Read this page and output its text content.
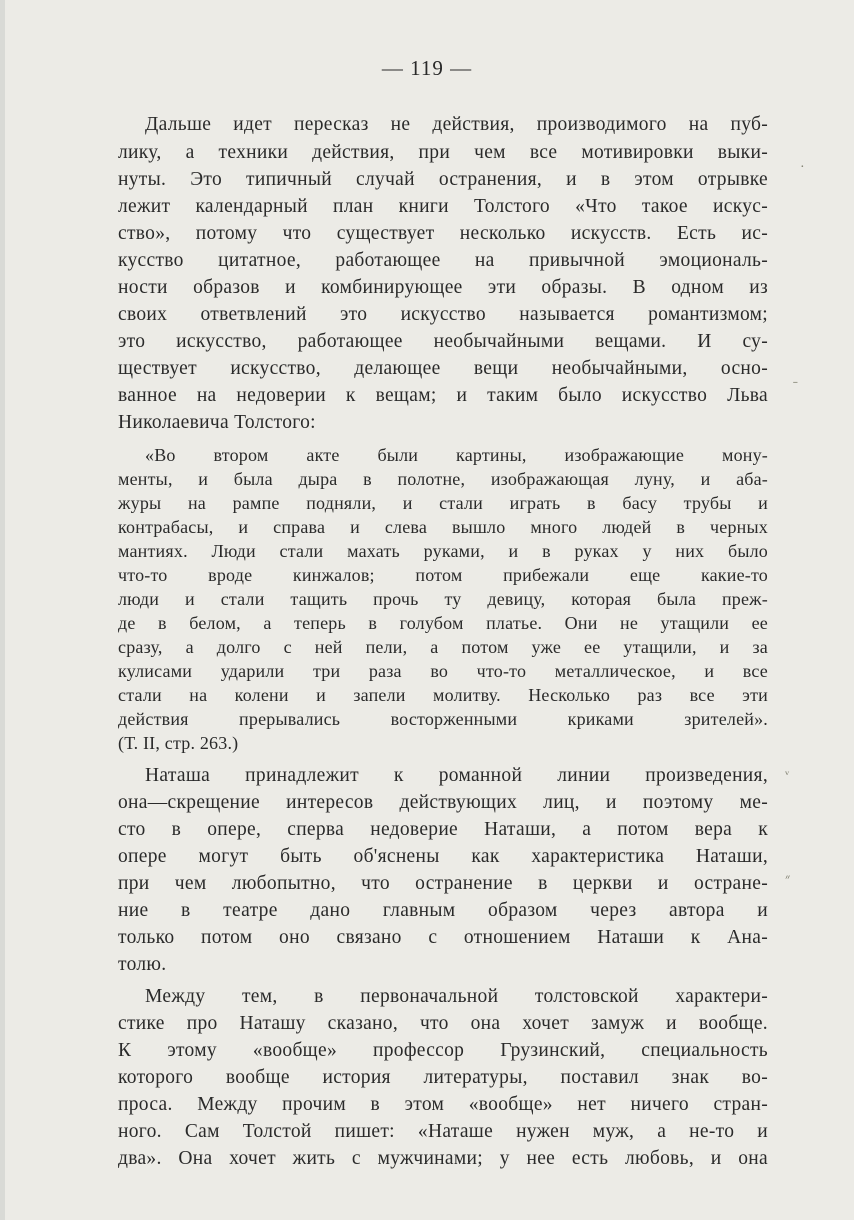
— 119 —
Дальше идет пересказ не действия, производимого на пуб-
лику, а техники действия, при чем все мотивировки выки-
нуты. Это типичный случай остранения, и в этом отрывке
лежит календарный план книги Толстого «Что такое искус-
ство», потому что существует несколько искусств. Есть ис-
кусство цитатное, работающее на привычной эмоциональ-
ности образов и комбинирующее эти образы. В одном из
своих ответвлений это искусство называется романтизмом;
это искусство, работающее необычайными вещами. И су-
ществует искусство, делающее вещи необычайными, осно-
ванное на недоверии к вещам; и таким было искусство Льва
Николаевича Толстого:
«Во втором акте были картины, изображающие мону-
менты, и была дыра в полотне, изображающая луну, и аба-
журы на рампе подняли, и стали играть в басу трубы и
контрабасы, и справа и слева вышло много людей в черных
мантиях. Люди стали махать руками, и в руках у них было
что-то вроде кинжалов; потом прибежали еще какие-то
люди и стали тащить прочь ту девицу, которая была преж-
де в белом, а теперь в голубом платье. Они не утащили ее
сразу, а долго с ней пели, а потом уже ее утащили, и за
кулисами ударили три раза во что-то металлическое, и все
стали на колени и запели молитву. Несколько раз все эти
действия прерывались восторженными криками зрителей».
(Т. II, стр. 263.)
Наташа принадлежит к романной линии произведения,
она—скрещение интересов действующих лиц, и поэтому ме-
сто в опере, сперва недоверие Наташи, а потом вера к
опере могут быть об'яснены как характеристика Наташи,
при чем любопытно, что остранение в церкви и остране-
ние в театре дано главным образом через автора и
только потом оно связано с отношением Наташи к Ана-
толю.
Между тем, в первоначальной толстовской характери-
стике про Наташу сказано, что она хочет замуж и вообще.
К этому «вообще» профессор Грузинский, специальность
которого вообще история литературы, поставил знак во-
проса. Между прочим в этом «вообще» нет ничего стран-
ного. Сам Толстой пишет: «Наташе нужен муж, а не-то и
два». Она хочет жить с мужчинами; у нее есть любовь, и она
·
˗
ᵥ
״
